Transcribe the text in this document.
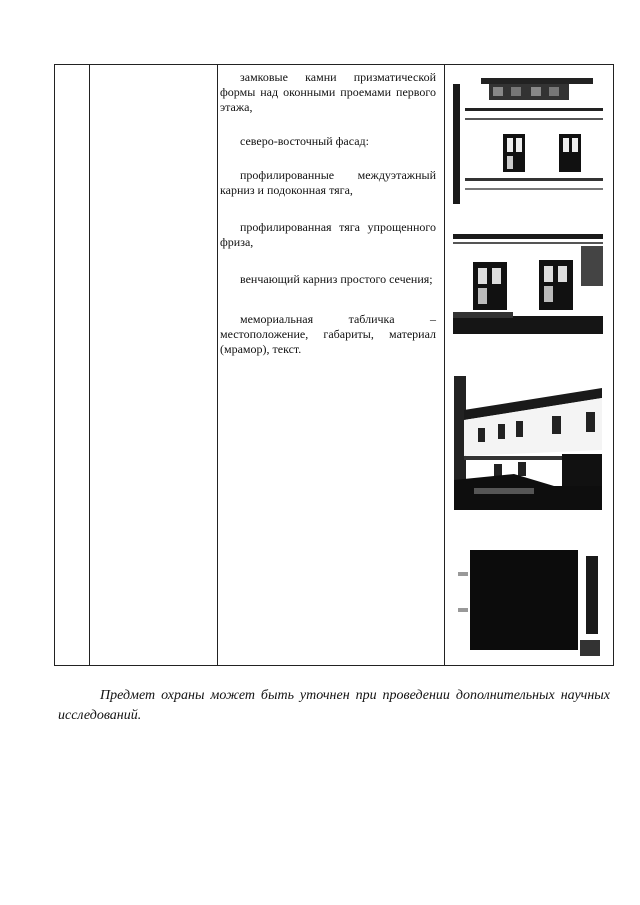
замковые камни призматической формы над оконными проемами первого этажа,

северо-восточный фасад:

профилированные междуэтажный карниз и подоконная тяга,

профилированная тяга упрощенного фриза,

венчающий карниз простого сечения;

мемориальная табличка – местоположение, габариты, материал (мрамор), текст.

Предмет охраны может быть уточнен при проведении дополнительных научных исследований.
